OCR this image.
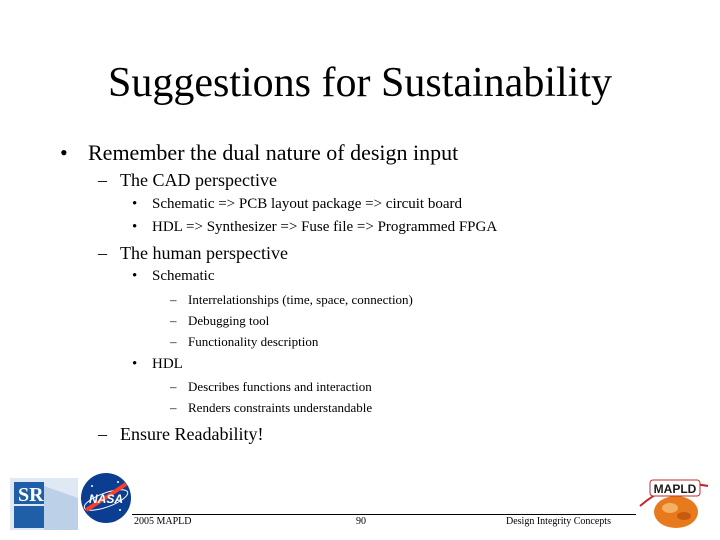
Suggestions for Sustainability
• Remember the dual nature of design input
– The CAD perspective
• Schematic => PCB layout package => circuit board
• HDL => Synthesizer => Fuse file => Programmed FPGA
– The human perspective
• Schematic
– Interrelationships (time, space, connection)
– Debugging tool
– Functionality description
• HDL
– Describes functions and interaction
– Renders constraints understandable
– Ensure Readability!
SR	NASA
2005 MAPLD	90	Design Integrity Concepts
MAPLD
